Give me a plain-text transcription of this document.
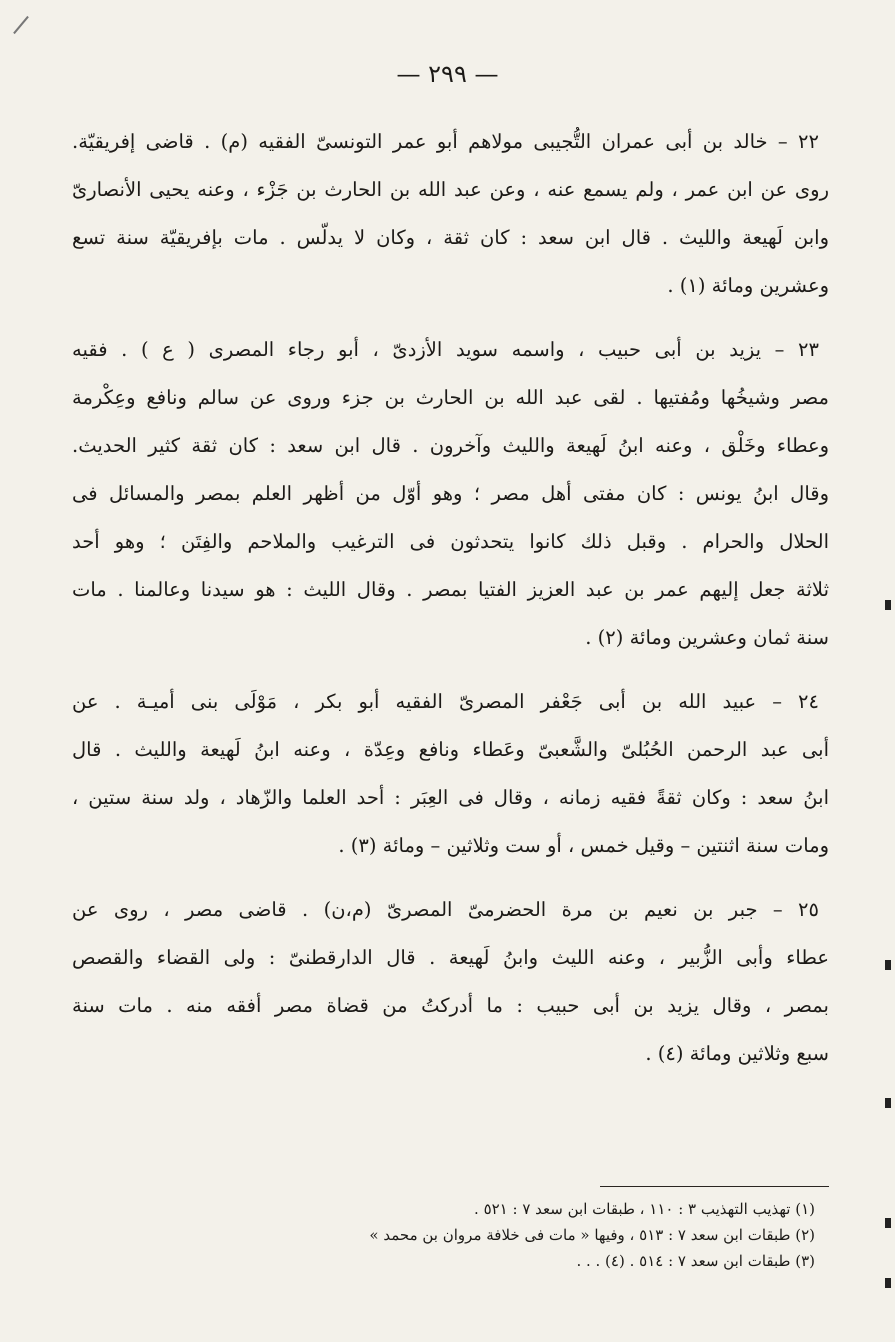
— ٢٩٩ —
٢٢ – خالد بن أبى عمران التُّجيبى مولاهم أبو عمر التونسىّ الفقيه (م) . قاضى إفريقيّة.
روى عن ابن عمر ، ولم يسمع عنه ، وعن عبد الله بن الحارث بن جَزْء ، وعنه يحيى الأنصارىّ
وابن لَهيعة والليث . قال ابن سعد : كان ثقة ، وكان لا يدلّس . مات بإفريقيّة سنة تسع
وعشرين ومائة (١) .
٢٣ – يزيد بن أبى حبيب ، واسمه سويد الأزدىّ ، أبو رجاء المصرى ( ع ) . فقيه
مصر وشيخُها ومُفتيها . لقى عبد الله بن الحارث بن جزء وروى عن سالم ونافع وعِكْرمة
وعطاء وخَلْق ، وعنه ابنُ لَهيعة والليث وآخرون . قال ابن سعد : كان ثقة كثير الحديث.
وقال ابنُ يونس : كان مفتى أهل مصر ؛ وهو أوّل من أظهر العلم بمصر والمسائل فى
الحلال والحرام . وقبل ذلك كانوا يتحدثون فى الترغيب والملاحم والفِتَن ؛ وهو أحد
ثلاثة جعل إليهم عمر بن عبد العزيز الفتيا بمصر . وقال الليث : هو سيدنا وعالمنا . مات
سنة ثمان وعشرين ومائة (٢) .
٢٤ – عبيد الله بن أبى جَعْفر المصرىّ الفقيه أبو بكر ، مَوْلَى بنى أميـة . عن
أبى عبد الرحمن الحُبُلىّ والشَّعبىّ وعَطاء ونافع وعِدّة ، وعنه ابنُ لَهيعة والليث . قال
ابنُ سعد : وكان ثقةً فقيه زمانه ، وقال فى العِبَر : أحد العلما والزّهاد ، ولد سنة ستين ،
ومات سنة اثنتين – وقيل خمس ، أو ست وثلاثين – ومائة (٣) .
٢٥ – جبر بن نعيم بن مرة الحضرمىّ المصرىّ (م،ن) . قاضى مصر ، روى عن
عطاء وأبى الزُّبير ، وعنه الليث وابنُ لَهيعة . قال الدارقطنىّ : ولى القضاء والقصص
بمصر ، وقال يزيد بن أبى حبيب : ما أدركتُ من قضاة مصر أفقه منه . مات سنة
سبع وثلاثين ومائة (٤) .
(١) تهذيب التهذيب ٣ : ١١٠ ، طبقات ابن سعد ٧ : ٥٢١ .
(٢) طبقات ابن سعد ٧ : ٥١٣ ، وفيها « مات فى خلافة مروان بن محمد »
(٣) طبقات ابن سعد ٧ : ٥١٤ . (٤) . . .
